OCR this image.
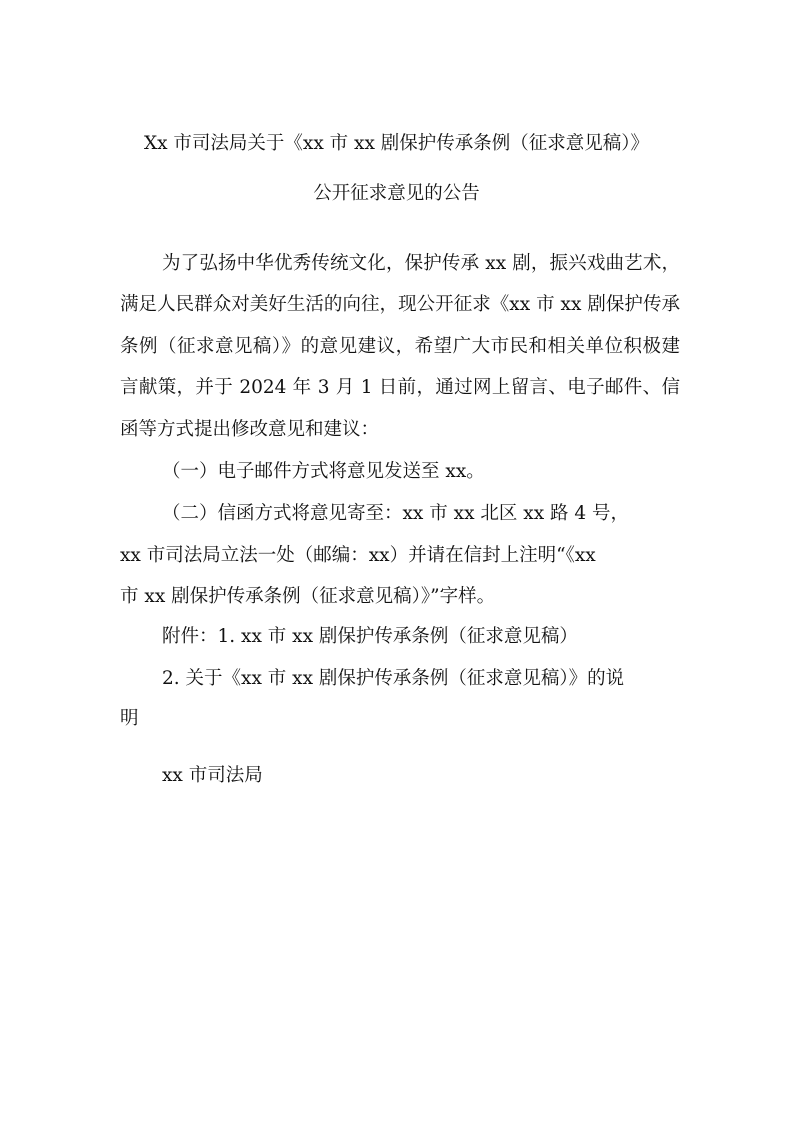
Xx 市司法局关于《xx 市 xx 剧保护传承条例（征求意见稿）》
公开征求意见的公告

为了弘扬中华优秀传统文化，保护传承 xx 剧，振兴戏曲艺术，满足人民群众对美好生活的向往，现公开征求《xx 市 xx 剧保护传承条例（征求意见稿）》的意见建议，希望广大市民和相关单位积极建言献策，并于 2024 年 3 月 1 日前，通过网上留言、电子邮件、信函等方式提出修改意见和建议：

（一）电子邮件方式将意见发送至 xx。
（二）信函方式将意见寄至：xx 市 xx 北区 xx 路 4 号，
xx 市司法局立法一处（邮编：xx）并请在信封上注明“《xx
市 xx 剧保护传承条例（征求意见稿）》”字样。
附件：1. xx 市 xx 剧保护传承条例（征求意见稿）
2. 关于《xx 市 xx 剧保护传承条例（征求意见稿）》的说
明
xx 市司法局
